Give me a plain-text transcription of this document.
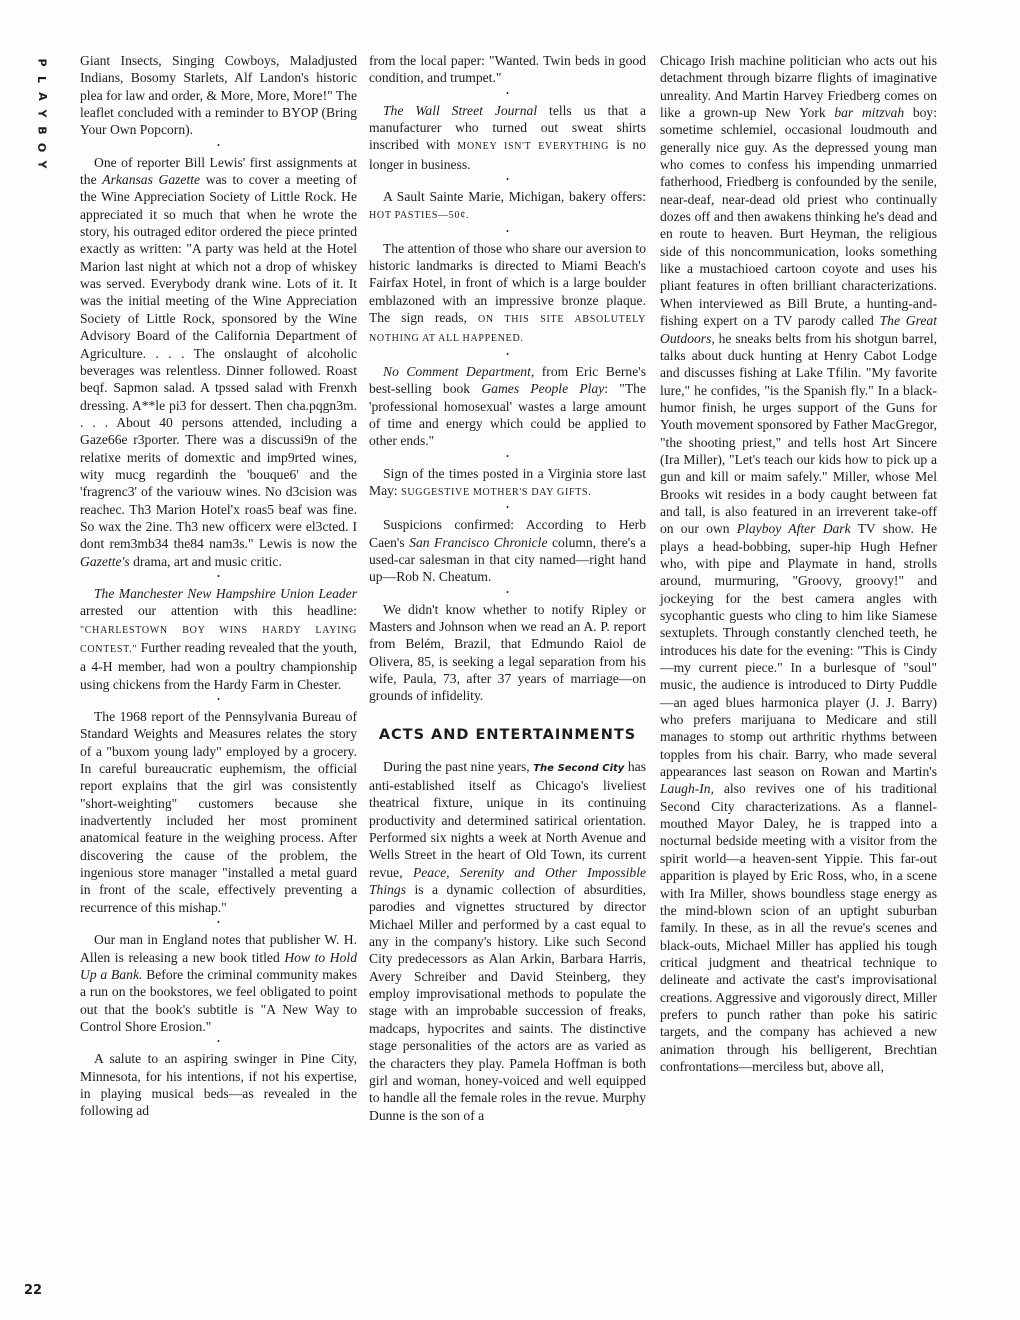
P
L
A
Y
B
O
Y
22

Giant Insects, Singing Cowboys, Maladjusted Indians, Bosomy Starlets, Alf Landon's historic plea for law and order, & More, More, More!" The leaflet concluded with a reminder to BYOP (Bring Your Own Popcorn).

•

One of reporter Bill Lewis' first assignments at the Arkansas Gazette was to cover a meeting of the Wine Appreciation Society of Little Rock. He appreciated it so much that when he wrote the story, his outraged editor ordered the piece printed exactly as written: "A party was held at the Hotel Marion last night at which not a drop of whiskey was served. Everybody drank wine. Lots of it. It was the initial meeting of the Wine Appreciation Society of Little Rock, sponsored by the Wine Advisory Board of the California Department of Agriculture. . . . The onslaught of alcoholic beverages was relentless. Dinner followed. Roast beqf. Sapmon salad. A tpssed salad with Frenxh dressing. A**le pi3 for dessert. Then cha.pqgn3m. . . . About 40 persons attended, including a Gaze66e r3porter. There was a discussi9n of the relatixe merits of domextic and imp9rted wines, wity mucg regardinh the 'bouque6' and the 'fragrenc3' of the variouw wines. No d3cision was reachec. Th3 Marion Hotel'x roas5 beaf was fine. So wax the 2ine. Th3 new officerx were el3cted. I dont rem3mb34 the84 nam3s." Lewis is now the Gazette's drama, art and music critic.

•

The Manchester New Hampshire Union Leader arrested our attention with this headline: "CHARLESTOWN BOY WINS HARDY LAYING CONTEST." Further reading revealed that the youth, a 4-H member, had won a poultry championship using chickens from the Hardy Farm in Chester.

•

The 1968 report of the Pennsylvania Bureau of Standard Weights and Measures relates the story of a "buxom young lady" employed by a grocery. In careful bureaucratic euphemism, the official report explains that the girl was consistently "short-weighting" customers because she inadvertently included her most prominent anatomical feature in the weighing process. After discovering the cause of the problem, the ingenious store manager "installed a metal guard in front of the scale, effectively preventing a recurrence of this mishap."

•

Our man in England notes that publisher W. H. Allen is releasing a new book titled How to Hold Up a Bank. Before the criminal community makes a run on the bookstores, we feel obligated to point out that the book's subtitle is "A New Way to Control Shore Erosion."

•

A salute to an aspiring swinger in Pine City, Minnesota, for his intentions, if not his expertise, in playing musical beds—as revealed in the following ad

from the local paper: "Wanted. Twin beds in good condition, and trumpet."

•

The Wall Street Journal tells us that a manufacturer who turned out sweat shirts inscribed with MONEY ISN'T EVERYTHING is no longer in business.

•

A Sault Sainte Marie, Michigan, bakery offers: HOT PASTIES—50¢.

•

The attention of those who share our aversion to historic landmarks is directed to Miami Beach's Fairfax Hotel, in front of which is a large boulder emblazoned with an impressive bronze plaque. The sign reads, ON THIS SITE ABSOLUTELY NOTHING AT ALL HAPPENED.

•

No Comment Department, from Eric Berne's best-selling book Games People Play: "The 'professional homosexual' wastes a large amount of time and energy which could be applied to other ends."

•

Sign of the times posted in a Virginia store last May: SUGGESTIVE MOTHER'S DAY GIFTS.

•

Suspicions confirmed: According to Herb Caen's San Francisco Chronicle column, there's a used-car salesman in that city named—right hand up—Rob N. Cheatum.

•

We didn't know whether to notify Ripley or Masters and Johnson when we read an A. P. report from Belém, Brazil, that Edmundo Raiol de Olivera, 85, is seeking a legal separation from his wife, Paula, 73, after 37 years of marriage—on grounds of infidelity.

ACTS AND ENTERTAINMENTS

During the past nine years, The Second City has anti-established itself as Chicago's liveliest theatrical fixture, unique in its continuing productivity and determined satirical orientation. Performed six nights a week at North Avenue and Wells Street in the heart of Old Town, its current revue, Peace, Serenity and Other Impossible Things is a dynamic collection of absurdities, parodies and vignettes structured by director Michael Miller and performed by a cast equal to any in the company's history. Like such Second City predecessors as Alan Arkin, Barbara Harris, Avery Schreiber and David Steinberg, they employ improvisational methods to populate the stage with an improbable succession of freaks, madcaps, hypocrites and saints. The distinctive stage personalities of the actors are as varied as the characters they play. Pamela Hoffman is both girl and woman, honey-voiced and well equipped to handle all the female roles in the revue. Murphy Dunne is the son of a

Chicago Irish machine politician who acts out his detachment through bizarre flights of imaginative unreality. And Martin Harvey Friedberg comes on like a grown-up New York bar mitzvah boy: sometime schlemiel, occasional loudmouth and generally nice guy. As the depressed young man who comes to confess his impending unmarried fatherhood, Friedberg is confounded by the senile, near-deaf, near-dead old priest who continually dozes off and then awakens thinking he's dead and en route to heaven. Burt Heyman, the religious side of this noncommunication, looks something like a mustachioed cartoon coyote and uses his pliant features in often brilliant characterizations. When interviewed as Bill Brute, a hunting-and-fishing expert on a TV parody called The Great Outdoors, he sneaks belts from his shotgun barrel, talks about duck hunting at Henry Cabot Lodge and discusses fishing at Lake Tfilin. "My favorite lure," he confides, "is the Spanish fly." In a black-humor finish, he urges support of the Guns for Youth movement sponsored by Father MacGregor, "the shooting priest," and tells host Art Sincere (Ira Miller), "Let's teach our kids how to pick up a gun and kill or maim safely." Miller, whose Mel Brooks wit resides in a body caught between fat and tall, is also featured in an irreverent take-off on our own Playboy After Dark TV show. He plays a head-bobbing, super-hip Hugh Hefner who, with pipe and Playmate in hand, strolls around, murmuring, "Groovy, groovy!" and jockeying for the best camera angles with sycophantic guests who cling to him like Siamese sextuplets. Through constantly clenched teeth, he introduces his date for the evening: "This is Cindy—my current piece." In a burlesque of "soul" music, the audience is introduced to Dirty Puddle—an aged blues harmonica player (J. J. Barry) who prefers marijuana to Medicare and still manages to stomp out arthritic rhythms between topples from his chair. Barry, who made several appearances last season on Rowan and Martin's Laugh-In, also revives one of his traditional Second City characterizations. As a flannel-mouthed Mayor Daley, he is trapped into a nocturnal bedside meeting with a visitor from the spirit world—a heaven-sent Yippie. This far-out apparition is played by Eric Ross, who, in a scene with Ira Miller, shows boundless stage energy as the mind-blown scion of an uptight suburban family. In these, as in all the revue's scenes and black-outs, Michael Miller has applied his tough critical judgment and theatrical technique to delineate and activate the cast's improvisational creations. Aggressive and vigorously direct, Miller prefers to punch rather than poke his satiric targets, and the company has achieved a new animation through his belligerent, Brechtian confrontations—merciless but, above all,
